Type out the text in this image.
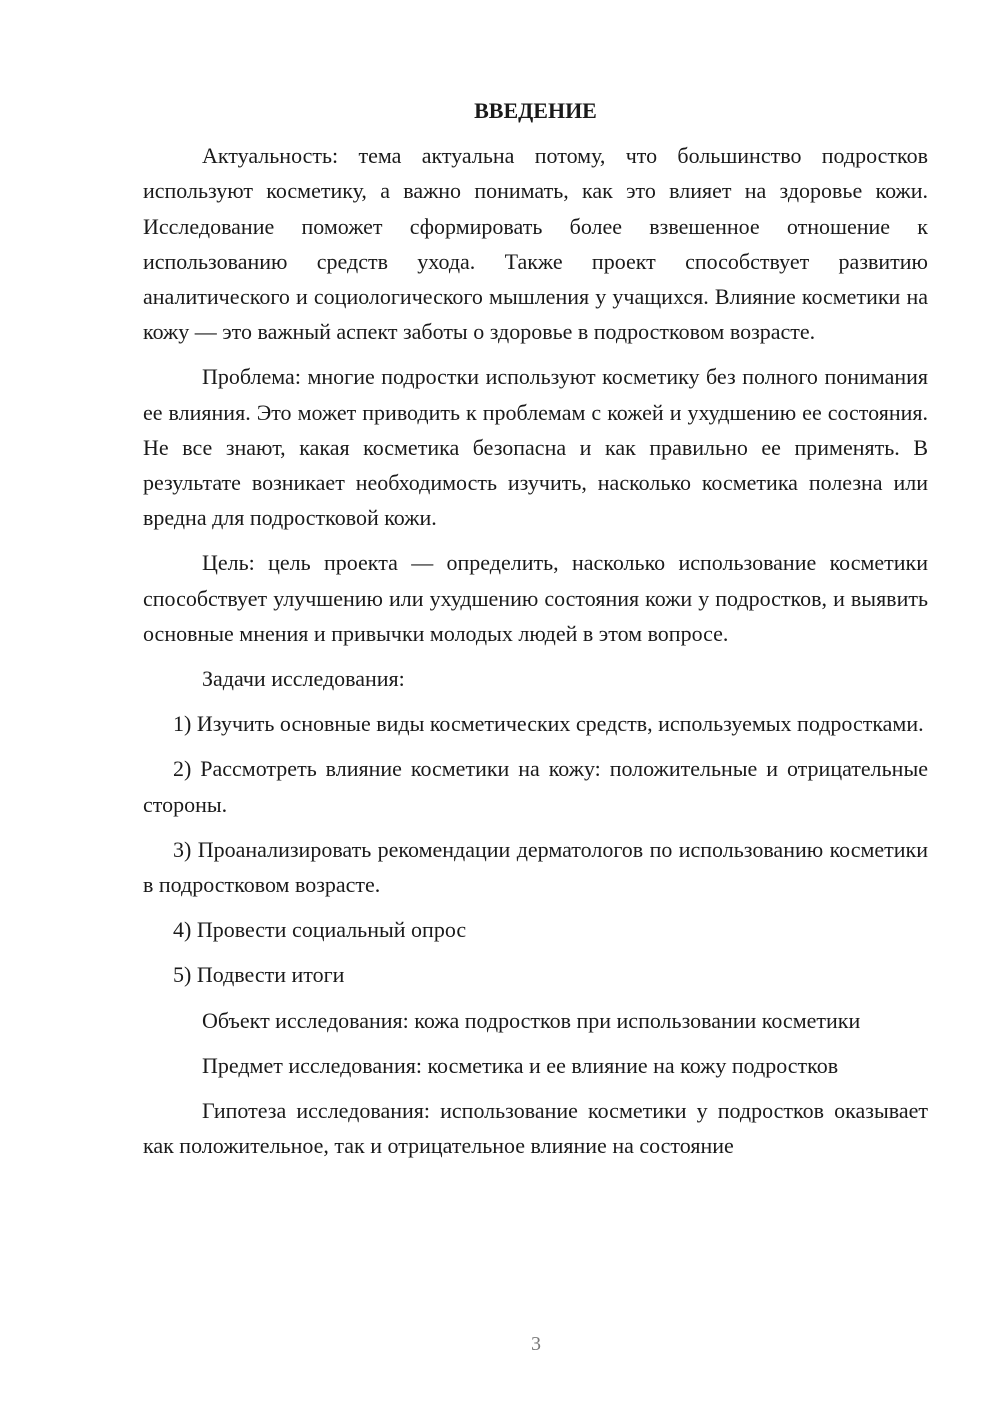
ВВЕДЕНИЕ

Актуальность: тема актуальна потому, что большинство подростков используют косметику, а важно понимать, как это влияет на здоровье кожи. Исследование поможет сформировать более взвешенное отношение к использованию средств ухода. Также проект способствует развитию аналитического и социологического мышления у учащихся. Влияние косметики на кожу — это важный аспект заботы о здоровье в подростковом возрасте.

Проблема: многие подростки используют косметику без полного понимания ее влияния. Это может приводить к проблемам с кожей и ухудшению ее состояния. Не все знают, какая косметика безопасна и как правильно ее применять. В результате возникает необходимость изучить, насколько косметика полезна или вредна для подростковой кожи.

Цель: цель проекта — определить, насколько использование косметики способствует улучшению или ухудшению состояния кожи у подростков, и выявить основные мнения и привычки молодых людей в этом вопросе.

Задачи исследования:

1) Изучить основные виды косметических средств, используемых подростками.

2) Рассмотреть влияние косметики на кожу: положительные и отрицательные стороны.

3) Проанализировать рекомендации дерматологов по использованию косметики в подростковом возрасте.

4) Провести социальный опрос

5) Подвести итоги

Объект исследования: кожа подростков при использовании косметики

Предмет исследования: косметика и ее влияние на кожу подростков

Гипотеза исследования: использование косметики у подростков оказывает как положительное, так и отрицательное влияние на состояние

3
